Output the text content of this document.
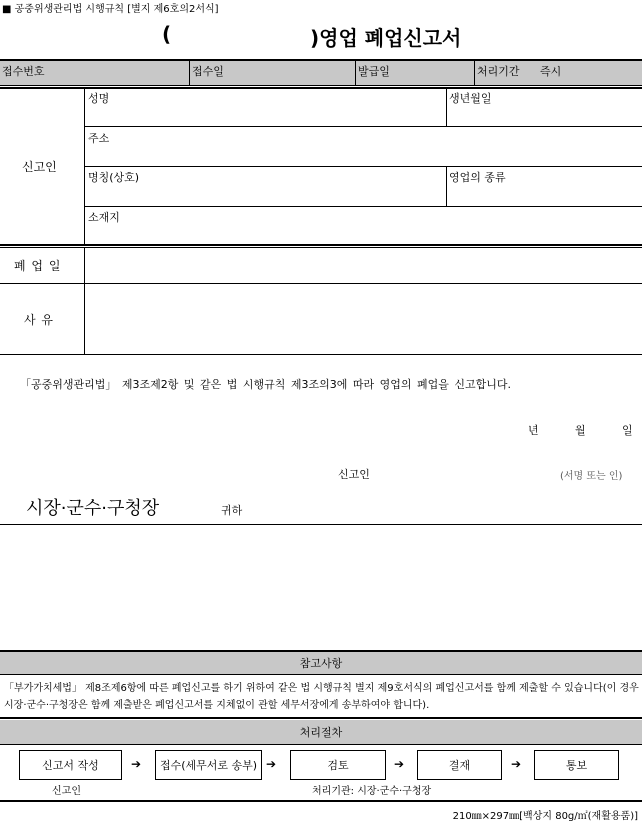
■ 공중위생관리법 시행규칙 [별지 제6호의2서식]
(	)영업 폐업신고서
접수번호	접수일	발급일	처리기간 즉시
신고인
성명	생년월일
주소
명칭(상호)	영업의 종류
소재지
폐 업 일
사 유
「공중위생관리법」 제3조제2항 및 같은 법 시행규칙 제3조의3에 따라 영업의 폐업을 신고합니다.
년	월	일
신고인	(서명 또는 인)
시장·군수·구청장	귀하
참고사항
「부가가치세법」 제8조제6항에 따른 폐업신고를 하기 위하여 같은 법 시행규칙 별지 제9호서식의 폐업신고서를 함께 제출할 수 있습니다(이 경우 시장·군수·구청장은 함께 제출받은 폐업신고서를 지체없이 관할 세무서장에게 송부하여야 합니다).
처리절차
신고서 작성	➔	접수(세무서로 송부) ➔	검토	➔	결재	➔	통보
신고인	처리기관: 시장·군수·구청장
210㎜×297㎜[백상지 80g/㎡(재활용품)]
